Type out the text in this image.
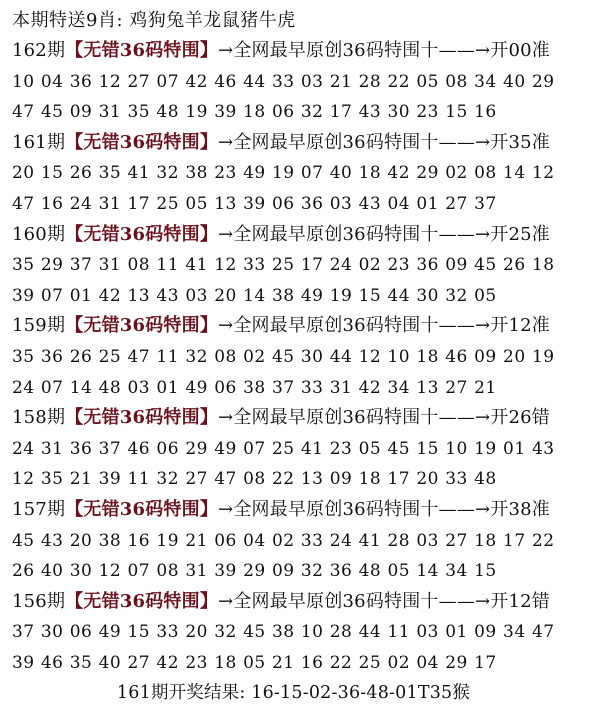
本期特送9肖: 鸡狗兔羊龙鼠猪牛虎
162期【无错36码特围】→全网最早原创36码特围十——→开00准
10 04 36 12 27 07 42 46 44 33 03 21 28 22 05 08 34 40 29
47 45 09 31 35 48 19 39 18 06 32 17 43 30 23 15 16
161期【无错36码特围】→全网最早原创36码特围十——→开35准
20 15 26 35 41 32 38 23 49 19 07 40 18 42 29 02 08 14 12
47 16 24 31 17 25 05 13 39 06 36 03 43 04 01 27 37
160期【无错36码特围】→全网最早原创36码特围十——→开25准
35 29 37 31 08 11 41 12 33 25 17 24 02 23 36 09 45 26 18
39 07 01 42 13 43 03 20 14 38 49 19 15 44 30 32 05
159期【无错36码特围】→全网最早原创36码特围十——→开12准
35 36 26 25 47 11 32 08 02 45 30 44 12 10 18 46 09 20 19
24 07 14 48 03 01 49 06 38 37 33 31 42 34 13 27 21
158期【无错36码特围】→全网最早原创36码特围十——→开26错
24 31 36 37 46 06 29 49 07 25 41 23 05 45 15 10 19 01 43
12 35 21 39 11 32 27 47 08 22 13 09 18 17 20 33 48
157期【无错36码特围】→全网最早原创36码特围十——→开38准
45 43 20 38 16 19 21 06 04 02 33 24 41 28 03 27 18 17 22
26 40 30 12 07 08 31 39 29 09 32 36 48 05 14 34 15
156期【无错36码特围】→全网最早原创36码特围十——→开12错
37 30 06 49 15 33 20 32 45 38 10 28 44 11 03 01 09 34 47
39 46 35 40 27 42 23 18 05 21 16 22 25 02 04 29 17
161期开奖结果: 16-15-02-36-48-01T35猴
